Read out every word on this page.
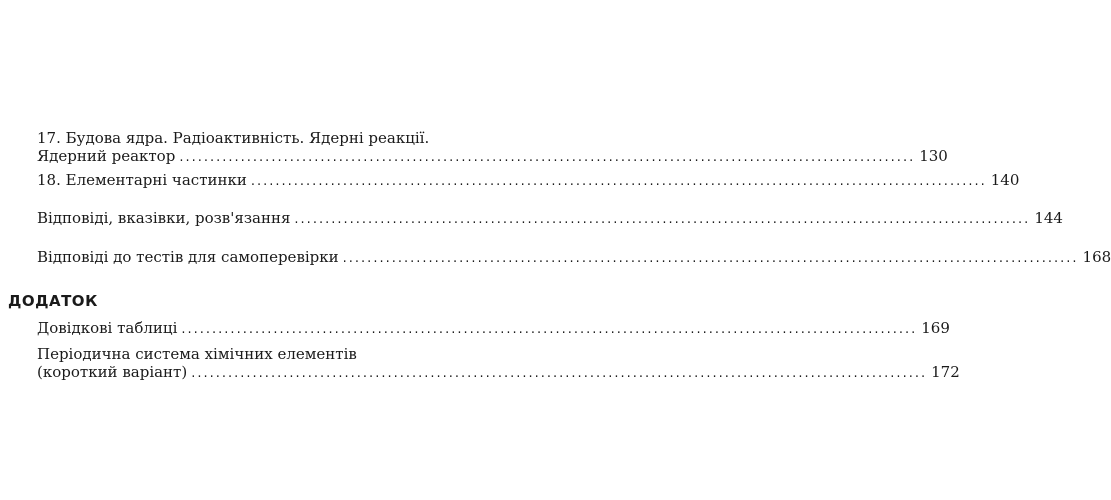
17. Будова ядра. Радіоактивність. Ядерні реакції.
Ядерний реактор ........................................................................................................................ 130
18. Елементарні частинки ........................................................................................................................ 140
Відповіді, вказівки, розв'язання ........................................................................................................................ 144
Відповіді до тестів для самоперевірки ........................................................................................................................ 168
ДОДАТОК
Довідкові таблиці ........................................................................................................................ 169
Періодична система хімічних елементів
(короткий варіант) ........................................................................................................................ 172
